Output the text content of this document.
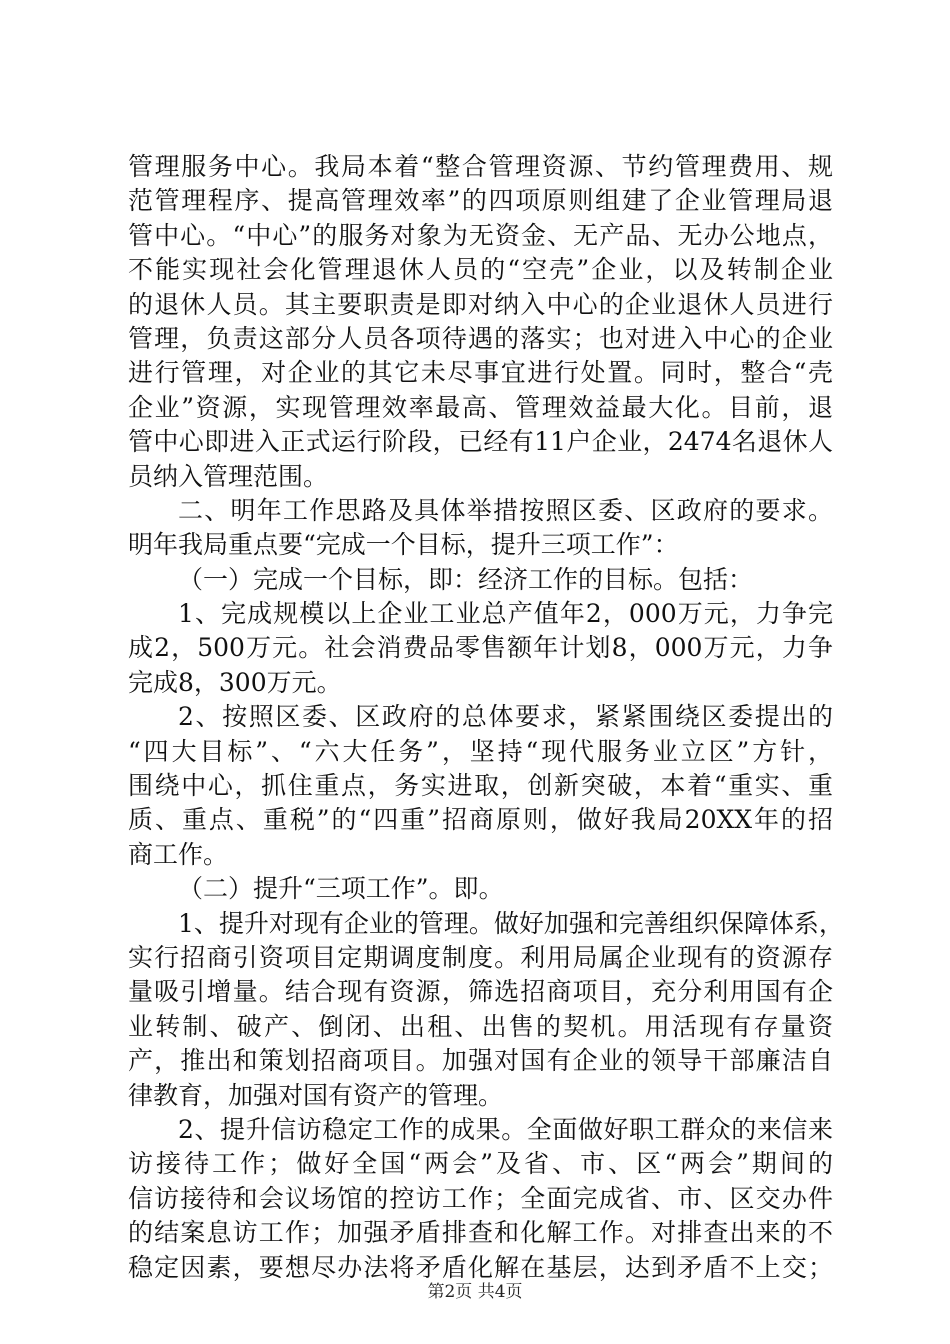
管理服务中心。我局本着“整合管理资源、节约管理费用、规
范管理程序、提高管理效率”的四项原则组建了企业管理局退
管中心。“中心”的服务对象为无资金、无产品、无办公地点，
不能实现社会化管理退休人员的“空壳”企业，以及转制企业
的退休人员。其主要职责是即对纳入中心的企业退休人员进行
管理，负责这部分人员各项待遇的落实；也对进入中心的企业
进行管理，对企业的其它未尽事宜进行处置。同时，整合“壳
企业”资源，实现管理效率最高、管理效益最大化。目前，退
管中心即进入正式运行阶段，已经有11户企业，2474名退休人
员纳入管理范围。
二、明年工作思路及具体举措按照区委、区政府的要求。
明年我局重点要“完成一个目标，提升三项工作”：
（一）完成一个目标，即：经济工作的目标。包括：
1、完成规模以上企业工业总产值年2，000万元，力争完
成2，500万元。社会消费品零售额年计划8，000万元，力争
完成8，300万元。
2、按照区委、区政府的总体要求，紧紧围绕区委提出的
“四大目标”、“六大任务”，坚持“现代服务业立区”方针，
围绕中心，抓住重点，务实进取，创新突破，本着“重实、重
质、重点、重税”的“四重”招商原则，做好我局20XX年的招
商工作。
（二）提升“三项工作”。即。
1、提升对现有企业的管理。做好加强和完善组织保障体系，
实行招商引资项目定期调度制度。利用局属企业现有的资源存
量吸引增量。结合现有资源，筛选招商项目，充分利用国有企
业转制、破产、倒闭、出租、出售的契机。用活现有存量资
产，推出和策划招商项目。加强对国有企业的领导干部廉洁自
律教育，加强对国有资产的管理。
2、提升信访稳定工作的成果。全面做好职工群众的来信来
访接待工作；做好全国“两会”及省、市、区“两会”期间的
信访接待和会议场馆的控访工作；全面完成省、市、区交办件
的结案息访工作；加强矛盾排查和化解工作。对排查出来的不
稳定因素，要想尽办法将矛盾化解在基层，达到矛盾不上交；
第2页 共4页
